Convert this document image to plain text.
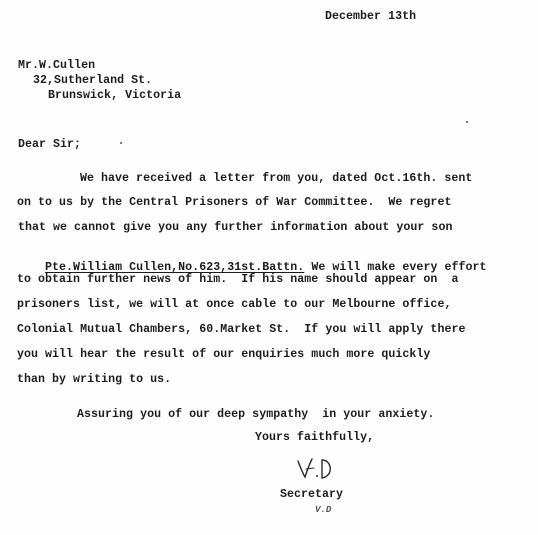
December 13th
Mr.W.Cullen
32,Sutherland St.
Brunswick, Victoria
Dear Sir;
We have received a letter from you, dated Oct.16th. sent
on to us by the Central Prisoners of War Committee.  We regret
that we cannot give you any further information about your son

Pte.William Cullen,No.623,31st.Battn. We will make every effort

to obtain further news of him.  If his name should appear on  a
prisoners list, we will at once cable to our Melbourne office,
Colonial Mutual Chambers, 60.Market St.  If you will apply there
you will hear the result of our enquiries much more quickly
than by writing to us.
Assuring you of our deep sympathy  in your anxiety.
Yours faithfully,
Secretary
V.D
